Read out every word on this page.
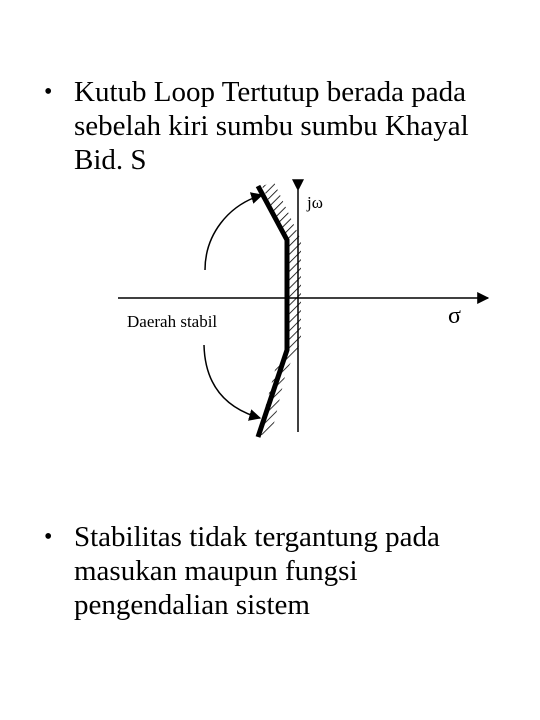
• Kutub Loop Tertutup berada pada sebelah kiri sumbu sumbu Khayal Bid. S
jω
σ
Daerah stabil
• Stabilitas tidak tergantung pada masukan maupun fungsi pengendalian sistem
